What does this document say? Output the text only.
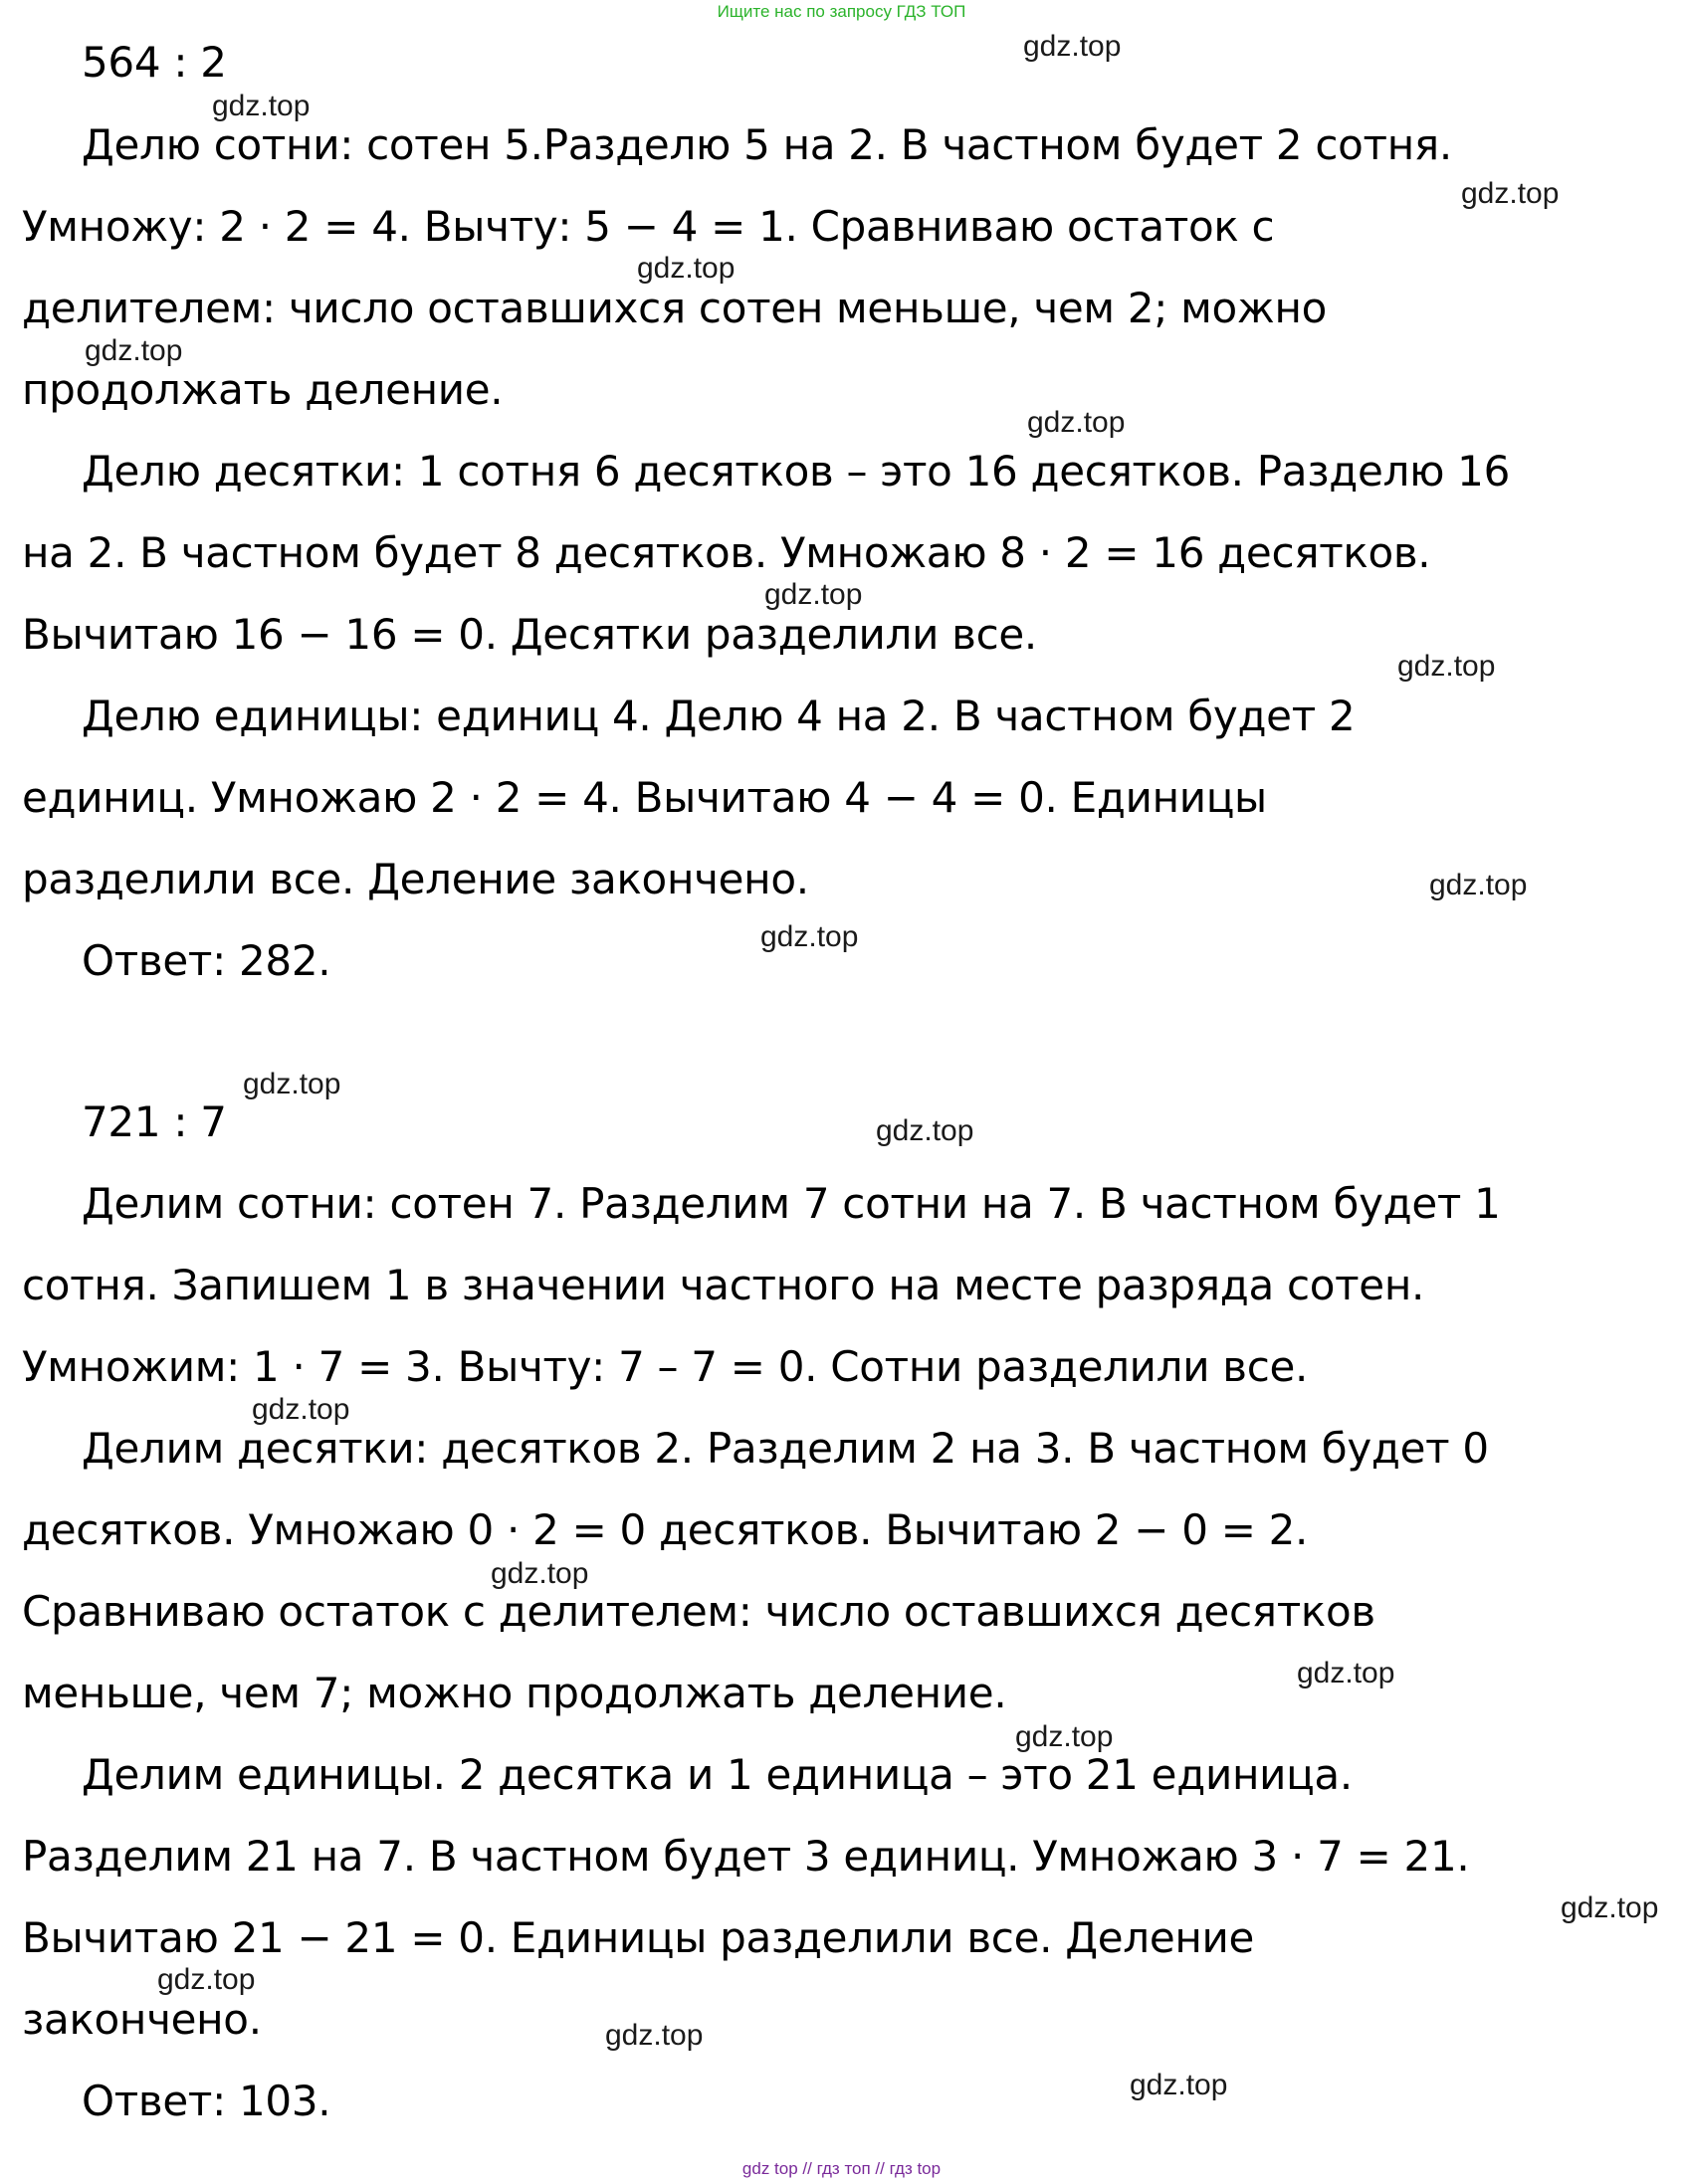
Ищите нас по запросу ГДЗ ТОП
564 : 2
Делю сотни: сотен 5.Разделю 5 на 2. В частном будет 2 сотня.
Умножу: 2 · 2 = 4. Вычту: 5 − 4 = 1. Сравниваю остаток с
делителем: число оставшихся сотен меньше, чем 2; можно
продолжать деление.
Делю десятки: 1 сотня 6 десятков – это 16 десятков. Разделю 16
на 2. В частном будет 8 десятков. Умножаю 8 · 2 = 16 десятков.
Вычитаю 16 − 16 = 0. Десятки разделили все.
Делю единицы: единиц 4. Делю 4 на 2. В частном будет 2
единиц. Умножаю 2 · 2 = 4. Вычитаю 4 − 4 = 0. Единицы
разделили все. Деление закончено.
Ответ: 282.
721 : 7
Делим сотни: сотен 7. Разделим 7 сотни на 7. В частном будет 1
сотня. Запишем 1 в значении частного на месте разряда сотен.
Умножим: 1 · 7 = 3. Вычту: 7 – 7 = 0. Сотни разделили все.
Делим десятки: десятков 2. Разделим 2 на 3. В частном будет 0
десятков. Умножаю 0 · 2 = 0 десятков. Вычитаю 2 − 0 = 2.
Сравниваю остаток с делителем: число оставшихся десятков
меньше, чем 7; можно продолжать деление.
Делим единицы. 2 десятка и 1 единица – это 21 единица.
Разделим 21 на 7. В частном будет 3 единиц. Умножаю 3 · 7 = 21.
Вычитаю 21 − 21 = 0. Единицы разделили все. Деление
закончено.
Ответ: 103.
gdz.top
gdz.top
gdz.top
gdz.top
gdz.top
gdz.top
gdz.top
gdz.top
gdz.top
gdz.top
gdz.top
gdz.top
gdz.top
gdz.top
gdz.top
gdz.top
gdz.top
gdz.top
gdz.top
gdz.top
gdz top // гдз топ // гдз top
